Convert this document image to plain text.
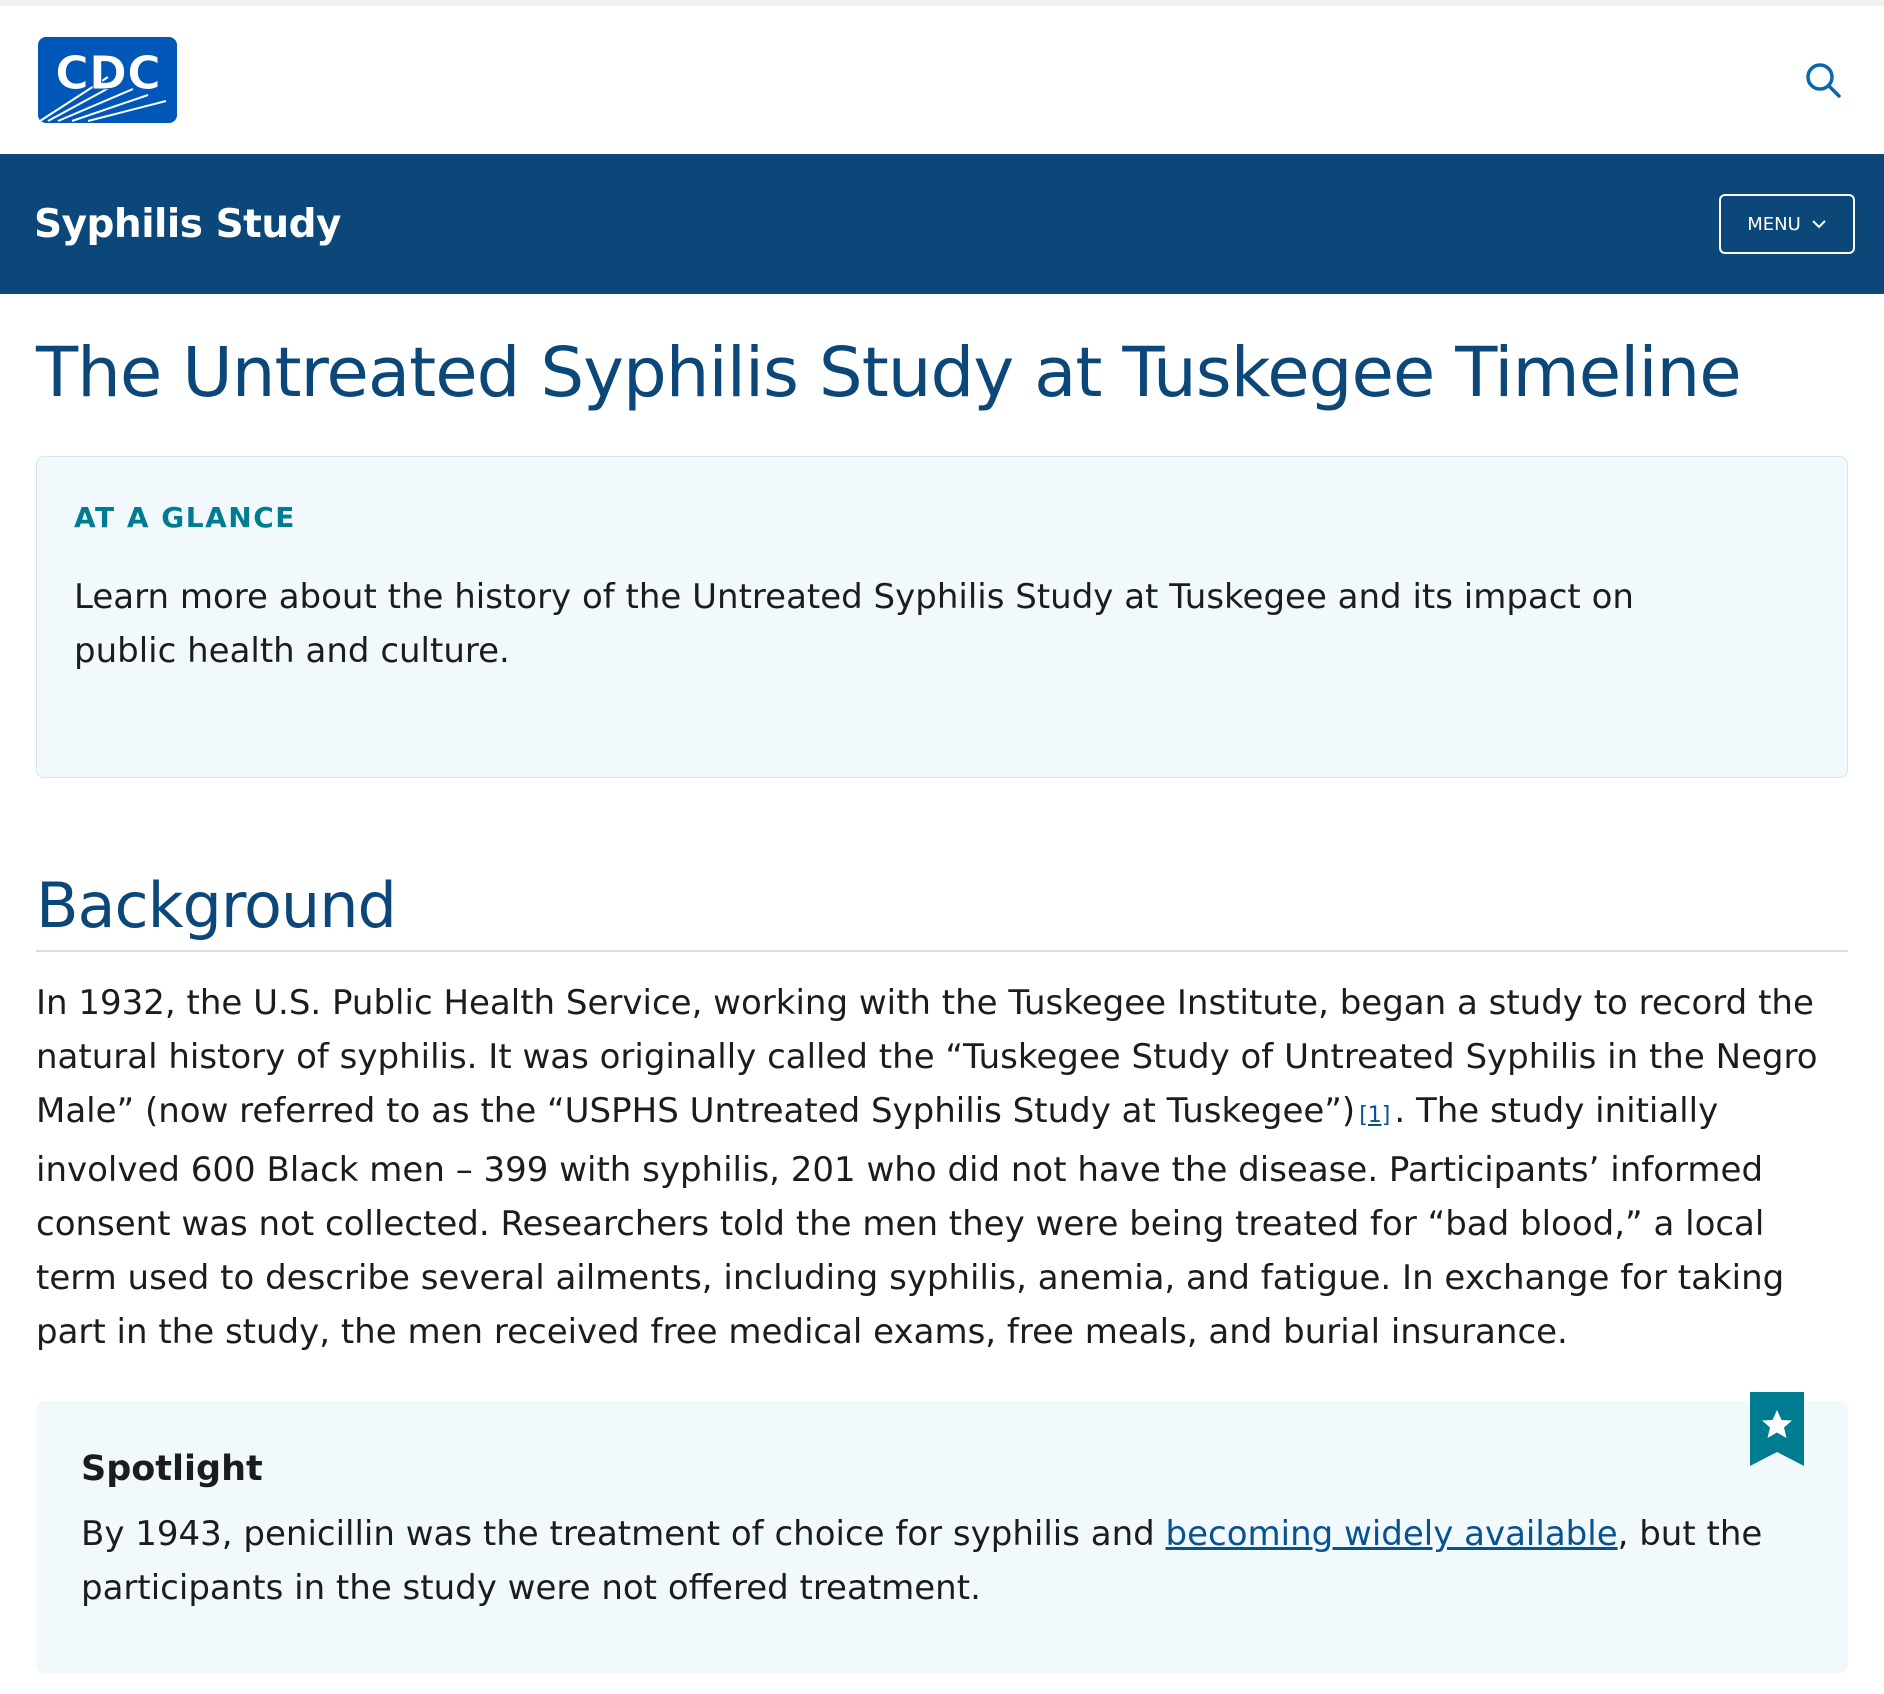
CDC
Syphilis Study	MENU
The Untreated Syphilis Study at Tuskegee Timeline
AT A GLANCE

Learn more about the history of the Untreated Syphilis Study at Tuskegee and its impact on public health and culture.

Background

In 1932, the U.S. Public Health Service, working with the Tuskegee Institute, began a study to record the natural history of syphilis. It was originally called the “Tuskegee Study of Untreated Syphilis in the Negro Male” (now referred to as the “USPHS Untreated Syphilis Study at Tuskegee”) [1] . The study initially involved 600 Black men – 399 with syphilis, 201 who did not have the disease. Participants’ informed consent was not collected. Researchers told the men they were being treated for “bad blood,” a local term used to describe several ailments, including syphilis, anemia, and fatigue. In exchange for taking part in the study, the men received free medical exams, free meals, and burial insurance.

Spotlight

By 1943, penicillin was the treatment of choice for syphilis and becoming widely available, but the participants in the study were not offered treatment.
